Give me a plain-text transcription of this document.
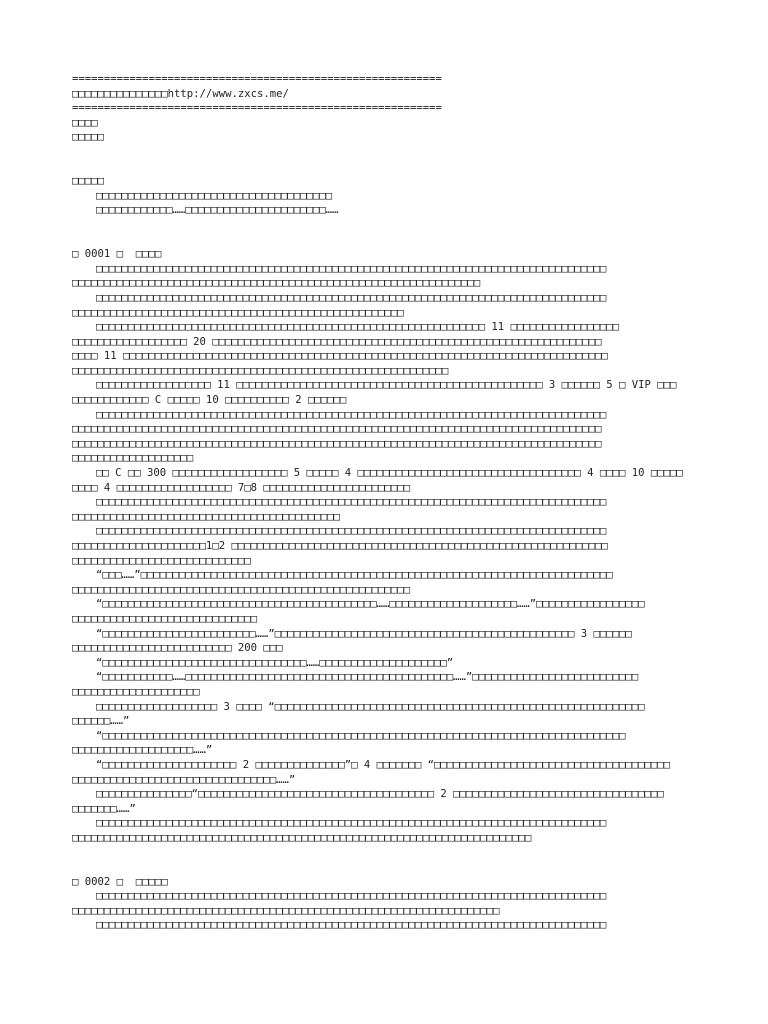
==========================================================
□□□□□□□□□□□□□□□http://www.zxcs.me/
==========================================================
□□□□
□□□□□
□□□□□
□□□□□□□□□□□□□□□□□□□□□□□□□□□□□□□□□□□□□
□□□□□□□□□□□□……□□□□□□□□□□□□□□□□□□□□□□……
□ 0001 □  □□□□
□□□□□□□□□□□□□□□□□□□□□□□□□□□□□□□□□□□□□□□□□□□□□□□□□□□□□□□□□□□□□□□□□□□□□□□□□□□□□□□□
□□□□□□□□□□□□□□□□□□□□□□□□□□□□□□□□□□□□□□□□□□□□□□□□□□□□□□□□□□□□□□□□
□□□□□□□□□□□□□□□□□□□□□□□□□□□□□□□□□□□□□□□□□□□□□□□□□□□□□□□□□□□□□□□□□□□□□□□□□□□□□□□□
□□□□□□□□□□□□□□□□□□□□□□□□□□□□□□□□□□□□□□□□□□□□□□□□□□□□
□□□□□□□□□□□□□□□□□□□□□□□□□□□□□□□□□□□□□□□□□□□□□□□□□□□□□□□□□□□□□ 11 □□□□□□□□□□□□□□□□□
□□□□□□□□□□□□□□□□□□ 20 □□□□□□□□□□□□□□□□□□□□□□□□□□□□□□□□□□□□□□□□□□□□□□□□□□□□□□□□□□□□□
□□□□ 11 □□□□□□□□□□□□□□□□□□□□□□□□□□□□□□□□□□□□□□□□□□□□□□□□□□□□□□□□□□□□□□□□□□□□□□□□□□□□
□□□□□□□□□□□□□□□□□□□□□□□□□□□□□□□□□□□□□□□□□□□□□□□□□□□□□□□□□□□
□□□□□□□□□□□□□□□□□□ 11 □□□□□□□□□□□□□□□□□□□□□□□□□□□□□□□□□□□□□□□□□□□□□□□□ 3 □□□□□□ 5 □ VIP □□□
□□□□□□□□□□□□ C □□□□□ 10 □□□□□□□□□□ 2 □□□□□□
□□□□□□□□□□□□□□□□□□□□□□□□□□□□□□□□□□□□□□□□□□□□□□□□□□□□□□□□□□□□□□□□□□□□□□□□□□□□□□□□
□□□□□□□□□□□□□□□□□□□□□□□□□□□□□□□□□□□□□□□□□□□□□□□□□□□□□□□□□□□□□□□□□□□□□□□□□□□□□□□□□□□
□□□□□□□□□□□□□□□□□□□□□□□□□□□□□□□□□□□□□□□□□□□□□□□□□□□□□□□□□□□□□□□□□□□□□□□□□□□□□□□□□□□
□□□□□□□□□□□□□□□□□□□
□□ C □□ 300 □□□□□□□□□□□□□□□□□□ 5 □□□□□ 4 □□□□□□□□□□□□□□□□□□□□□□□□□□□□□□□□□□□ 4 □□□□ 10 □□□□□
□□□□ 4 □□□□□□□□□□□□□□□□□□ 7□8 □□□□□□□□□□□□□□□□□□□□□□□
□□□□□□□□□□□□□□□□□□□□□□□□□□□□□□□□□□□□□□□□□□□□□□□□□□□□□□□□□□□□□□□□□□□□□□□□□□□□□□□□
□□□□□□□□□□□□□□□□□□□□□□□□□□□□□□□□□□□□□□□□□□
□□□□□□□□□□□□□□□□□□□□□□□□□□□□□□□□□□□□□□□□□□□□□□□□□□□□□□□□□□□□□□□□□□□□□□□□□□□□□□□□
□□□□□□□□□□□□□□□□□□□□□1□2 □□□□□□□□□□□□□□□□□□□□□□□□□□□□□□□□□□□□□□□□□□□□□□□□□□□□□□□□□□□
□□□□□□□□□□□□□□□□□□□□□□□□□□□□
“□□□……”□□□□□□□□□□□□□□□□□□□□□□□□□□□□□□□□□□□□□□□□□□□□□□□□□□□□□□□□□□□□□□□□□□□□□□□□□□
□□□□□□□□□□□□□□□□□□□□□□□□□□□□□□□□□□□□□□□□□□□□□□□□□□□□□
“□□□□□□□□□□□□□□□□□□□□□□□□□□□□□□□□□□□□□□□□□□□……□□□□□□□□□□□□□□□□□□□□……”□□□□□□□□□□□□□□□□□
□□□□□□□□□□□□□□□□□□□□□□□□□□□□□
“□□□□□□□□□□□□□□□□□□□□□□□□……”□□□□□□□□□□□□□□□□□□□□□□□□□□□□□□□□□□□□□□□□□□□□□□□ 3 □□□□□□
□□□□□□□□□□□□□□□□□□□□□□□□□ 200 □□□
“□□□□□□□□□□□□□□□□□□□□□□□□□□□□□□□□……□□□□□□□□□□□□□□□□□□□□”
“□□□□□□□□□□□……□□□□□□□□□□□□□□□□□□□□□□□□□□□□□□□□□□□□□□□□□□……”□□□□□□□□□□□□□□□□□□□□□□□□□□
□□□□□□□□□□□□□□□□□□□□
□□□□□□□□□□□□□□□□□□□ 3 □□□□ “□□□□□□□□□□□□□□□□□□□□□□□□□□□□□□□□□□□□□□□□□□□□□□□□□□□□□□□□□□
□□□□□□……”
“□□□□□□□□□□□□□□□□□□□□□□□□□□□□□□□□□□□□□□□□□□□□□□□□□□□□□□□□□□□□□□□□□□□□□□□□□□□□□□□□□□
□□□□□□□□□□□□□□□□□□□……”
“□□□□□□□□□□□□□□□□□□□□□ 2 □□□□□□□□□□□□□□”□ 4 □□□□□□□ “□□□□□□□□□□□□□□□□□□□□□□□□□□□□□□□□□□□□□
□□□□□□□□□□□□□□□□□□□□□□□□□□□□□□□□……”
□□□□□□□□□□□□□□□“□□□□□□□□□□□□□□□□□□□□□□□□□□□□□□□□□□□□□ 2 □□□□□□□□□□□□□□□□□□□□□□□□□□□□□□□□□
□□□□□□□……”
□□□□□□□□□□□□□□□□□□□□□□□□□□□□□□□□□□□□□□□□□□□□□□□□□□□□□□□□□□□□□□□□□□□□□□□□□□□□□□□□
□□□□□□□□□□□□□□□□□□□□□□□□□□□□□□□□□□□□□□□□□□□□□□□□□□□□□□□□□□□□□□□□□□□□□□□□
□ 0002 □  □□□□□
□□□□□□□□□□□□□□□□□□□□□□□□□□□□□□□□□□□□□□□□□□□□□□□□□□□□□□□□□□□□□□□□□□□□□□□□□□□□□□□□
□□□□□□□□□□□□□□□□□□□□□□□□□□□□□□□□□□□□□□□□□□□□□□□□□□□□□□□□□□□□□□□□□□□
□□□□□□□□□□□□□□□□□□□□□□□□□□□□□□□□□□□□□□□□□□□□□□□□□□□□□□□□□□□□□□□□□□□□□□□□□□□□□□□□
